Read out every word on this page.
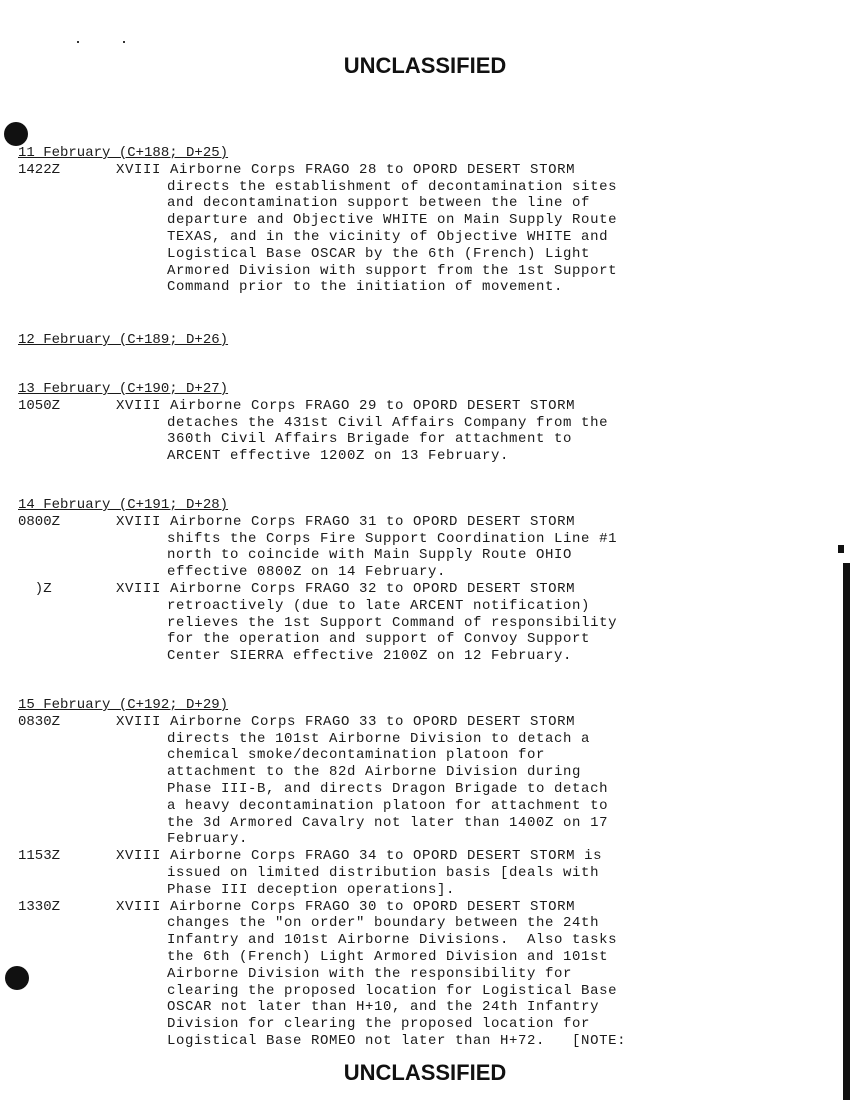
UNCLASSIFIED
11 February (C+188; D+25)
1422Z	XVIII Airborne Corps FRAGO 28 to OPORD DESERT STORM
directs the establishment of decontamination sites
and decontamination support between the line of
departure and Objective WHITE on Main Supply Route
TEXAS, and in the vicinity of Objective WHITE and
Logistical Base OSCAR by the 6th (French) Light
Armored Division with support from the 1st Support
Command prior to the initiation of movement.
12 February (C+189; D+26)
13 February (C+190; D+27)
1050Z	XVIII Airborne Corps FRAGO 29 to OPORD DESERT STORM
detaches the 431st Civil Affairs Company from the
360th Civil Affairs Brigade for attachment to
ARCENT effective 1200Z on 13 February.
14 February (C+191; D+28)
0800Z	XVIII Airborne Corps FRAGO 31 to OPORD DESERT STORM
shifts the Corps Fire Support Coordination Line #1
north to coincide with Main Supply Route OHIO
effective 0800Z on 14 February.
)Z	XVIII Airborne Corps FRAGO 32 to OPORD DESERT STORM
retroactively (due to late ARCENT notification)
relieves the 1st Support Command of responsibility
for the operation and support of Convoy Support
Center SIERRA effective 2100Z on 12 February.
15 February (C+192; D+29)
0830Z	XVIII Airborne Corps FRAGO 33 to OPORD DESERT STORM
directs the 101st Airborne Division to detach a
chemical smoke/decontamination platoon for
attachment to the 82d Airborne Division during
Phase III-B, and directs Dragon Brigade to detach
a heavy decontamination platoon for attachment to
the 3d Armored Cavalry not later than 1400Z on 17
February.
1153Z	XVIII Airborne Corps FRAGO 34 to OPORD DESERT STORM is
issued on limited distribution basis [deals with
Phase III deception operations].
1330Z	XVIII Airborne Corps FRAGO 30 to OPORD DESERT STORM
changes the "on order" boundary between the 24th
Infantry and 101st Airborne Divisions.  Also tasks
the 6th (French) Light Armored Division and 101st
Airborne Division with the responsibility for
clearing the proposed location for Logistical Base
OSCAR not later than H+10, and the 24th Infantry
Division for clearing the proposed location for
Logistical Base ROMEO not later than H+72.   [NOTE:
UNCLASSIFIED
